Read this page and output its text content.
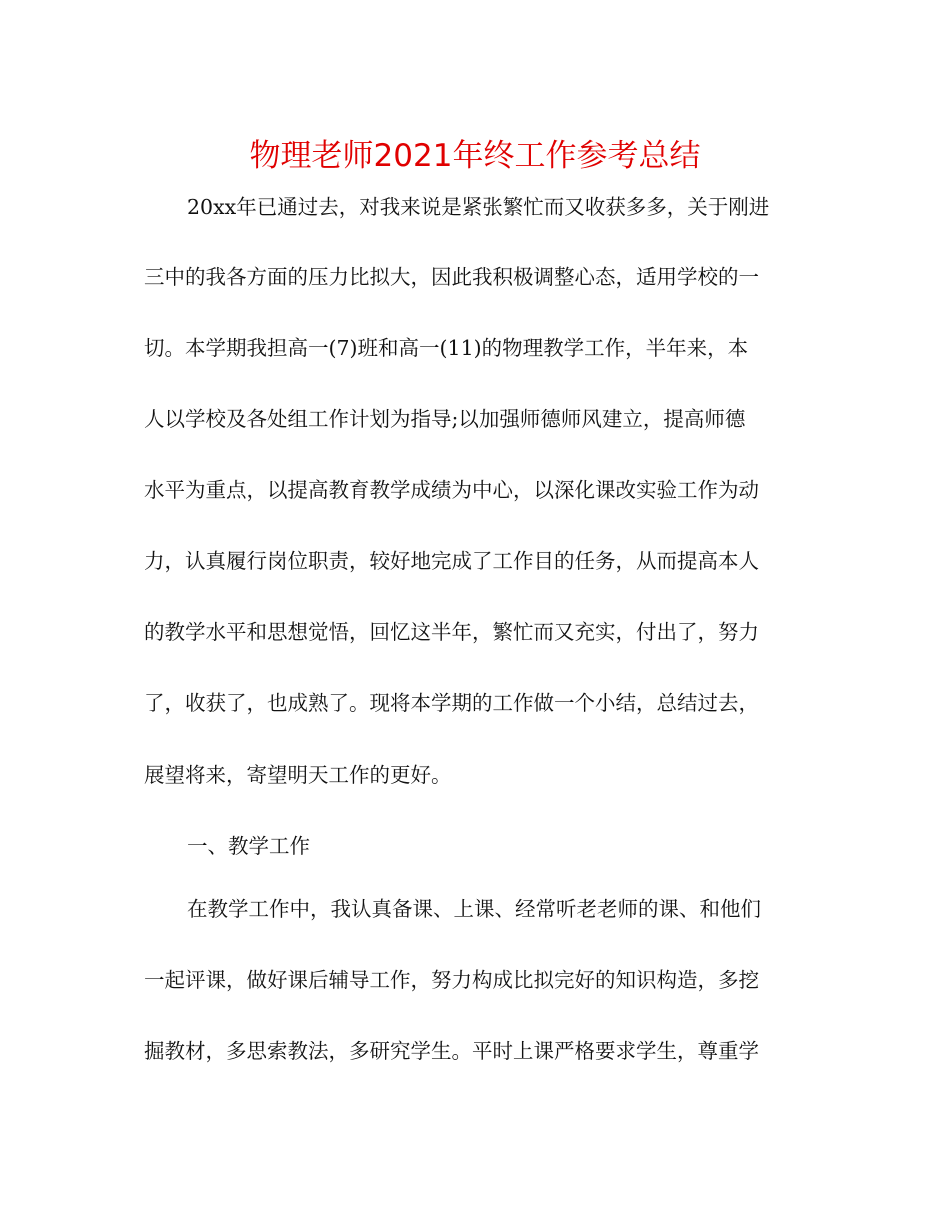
物理老师2021年终工作参考总结
20xx年已通过去，对我来说是紧张繁忙而又收获多多，关于刚进
三中的我各方面的压力比拟大，因此我积极调整心态，适用学校的一
切。本学期我担高一(7)班和高一(11)的物理教学工作，半年来，本
人以学校及各处组工作计划为指导;以加强师德师风建立，提高师德
水平为重点，以提高教育教学成绩为中心，以深化课改实验工作为动
力，认真履行岗位职责，较好地完成了工作目的任务，从而提高本人
的教学水平和思想觉悟，回忆这半年，繁忙而又充实，付出了，努力
了，收获了，也成熟了。现将本学期的工作做一个小结，总结过去，
展望将来，寄望明天工作的更好。
一、教学工作
在教学工作中，我认真备课、上课、经常听老老师的课、和他们
一起评课，做好课后辅导工作，努力构成比拟完好的知识构造，多挖
掘教材，多思索教法，多研究学生。平时上课严格要求学生，尊重学
